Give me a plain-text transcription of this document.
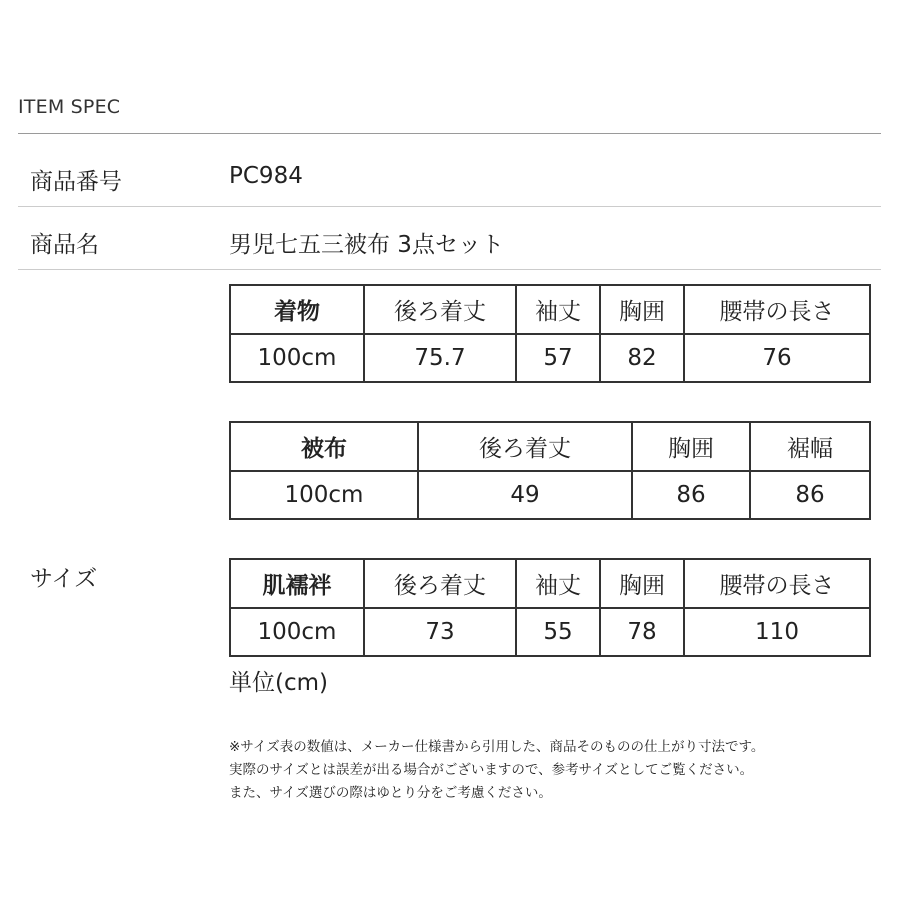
ITEM SPEC
商品番号	PC984
商品名	男児七五三被布 3点セット
サイズ
着物	後ろ着丈	袖丈	胸囲	腰帯の長さ
100cm	75.7	57	82	76
被布	後ろ着丈	胸囲	裾幅
100cm	49	86	86
肌襦袢	後ろ着丈	袖丈	胸囲	腰帯の長さ
100cm	73	55	78	110
単位(cm)
※サイズ表の数値は、メーカー仕様書から引用した、商品そのものの仕上がり寸法です。
実際のサイズとは誤差が出る場合がございますので、参考サイズとしてご覧ください。
また、サイズ選びの際はゆとり分をご考慮ください。
